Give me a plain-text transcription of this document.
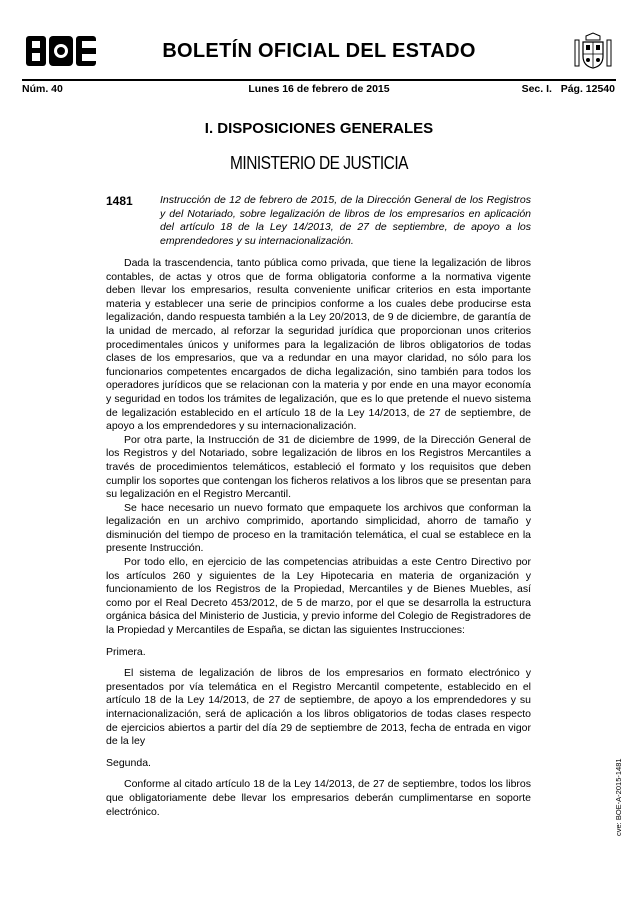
BOLETÍN OFICIAL DEL ESTADO
Núm. 40	Lunes 16 de febrero de 2015	Sec. I.   Pág. 12540
I. DISPOSICIONES GENERALES
MINISTERIO DE JUSTICIA
1481	Instrucción de 12 de febrero de 2015, de la Dirección General de los Registros y del Notariado, sobre legalización de libros de los empresarios en aplicación del artículo 18 de la Ley 14/2013, de 27 de septiembre, de apoyo a los emprendedores y su internacionalización.

Dada la trascendencia, tanto pública como privada, que tiene la legalización de libros contables, de actas y otros que de forma obligatoria conforme a la normativa vigente deben llevar los empresarios, resulta conveniente unificar criterios en esta importante materia y establecer una serie de principios conforme a los cuales debe producirse esta legalización, dando respuesta también a la Ley 20/2013, de 9 de diciembre, de garantía de la unidad de mercado, al reforzar la seguridad jurídica que proporcionan unos criterios procedimentales únicos y uniformes para la legalización de libros obligatorios de todas clases de los empresarios, que va a redundar en una mayor claridad, no sólo para los funcionarios competentes encargados de dicha legalización, sino también para todos los operadores jurídicos que se relacionan con la materia y por ende en una mayor economía y seguridad en todos los trámites de legalización, que es lo que pretende el nuevo sistema de legalización establecido en el artículo 18 de la Ley 14/2013, de 27 de septiembre, de apoyo a los emprendedores y su internacionalización.

Por otra parte, la Instrucción de 31 de diciembre de 1999, de la Dirección General de los Registros y del Notariado, sobre legalización de libros en los Registros Mercantiles a través de procedimientos telemáticos, estableció el formato y los requisitos que deben cumplir los soportes que contengan los ficheros relativos a los libros que se presentan para su legalización en el Registro Mercantil.

Se hace necesario un nuevo formato que empaquete los archivos que conforman la legalización en un archivo comprimido, aportando simplicidad, ahorro de tamaño y disminución del tiempo de proceso en la tramitación telemática, el cual se establece en la presente Instrucción.

Por todo ello, en ejercicio de las competencias atribuidas a este Centro Directivo por los artículos 260 y siguientes de la Ley Hipotecaria en materia de organización y funcionamiento de los Registros de la Propiedad, Mercantiles y de Bienes Muebles, así como por el Real Decreto 453/2012, de 5 de marzo, por el que se desarrolla la estructura orgánica básica del Ministerio de Justicia, y previo informe del Colegio de Registradores de la Propiedad y Mercantiles de España, se dictan las siguientes Instrucciones:

Primera.

El sistema de legalización de libros de los empresarios en formato electrónico y presentados por vía telemática en el Registro Mercantil competente, establecido en el artículo 18 de la Ley 14/2013, de 27 de septiembre, de apoyo a los emprendedores y su internacionalización, será de aplicación a los libros obligatorios de todas clases respecto de ejercicios abiertos a partir del día 29 de septiembre de 2013, fecha de entrada en vigor de la ley

Segunda.

Conforme al citado artículo 18 de la Ley 14/2013, de 27 de septiembre, todos los libros que obligatoriamente debe llevar los empresarios deberán cumplimentarse en soporte electrónico.	cve: BOE-A-2015-1481
